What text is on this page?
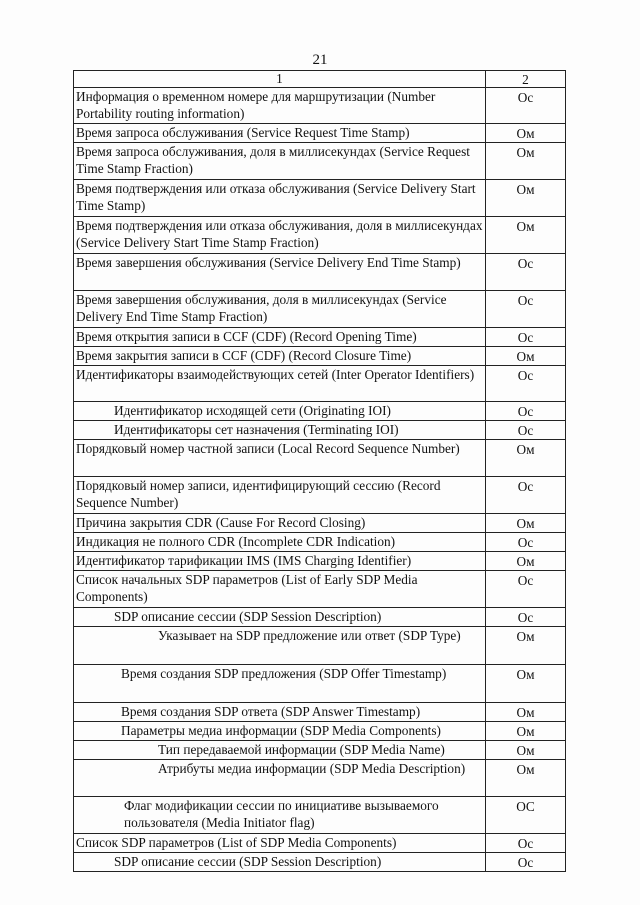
21
1	2
Информация о временном номере для маршрутизации (Number Portability routing information)	Oc
Время запроса обслуживания (Service Request Time Stamp)	Oм
Время запроса обслуживания, доля в миллисекундах (Service Request Time Stamp Fraction)	Oм
Время подтверждения или отказа обслуживания (Service Delivery Start Time Stamp)	Oм
Время подтверждения или отказа обслуживания, доля в миллисекундах (Service Delivery Start Time Stamp Fraction)	Oм
Время завершения обслуживания (Service Delivery End Time Stamp)	Oc
Время завершения обслуживания, доля в миллисекундах (Service Delivery End Time Stamp Fraction)	Oc
Время открытия записи в CCF (CDF) (Record Opening Time)	Oc
Время закрытия записи в CCF (CDF) (Record Closure Time)	Oм
Идентификаторы взаимодействующих сетей (Inter Operator Identifiers)	Oc
Идентификатор исходящей сети (Originating IOI)	Oc
Идентификаторы сет назначения (Terminating IOI)	Oc
Порядковый номер частной записи (Local Record Sequence Number)	Oм
Порядковый номер записи, идентифицирующий сессию (Record Sequence Number)	Oc
Причина закрытия CDR (Cause For Record Closing)	Oм
Индикация не полного CDR (Incomplete CDR Indication)	Oc
Идентификатор тарификации IMS (IMS Charging Identifier)	Oм
Список начальных SDP параметров (List of Early SDP Media Components)	Oc
SDP описание сессии (SDP Session Description)	Oc
Указывает на SDP предложение или ответ (SDP Type)	Oм
Время создания SDP предложения (SDP Offer Timestamp)	Oм
Время создания SDP ответа (SDP Answer Timestamp)	Oм
Параметры медиа информации (SDP Media Components)	Oм
Тип передаваемой информации (SDP Media Name)	Oм
Атрибуты медиа информации (SDP Media Description)	Oм
Флаг модификации сессии по инициативе вызываемого пользователя (Media Initiator flag)	OC
Список SDP параметров (List of SDP Media Components)	Oc
SDP описание сессии (SDP Session Description)	Oc
